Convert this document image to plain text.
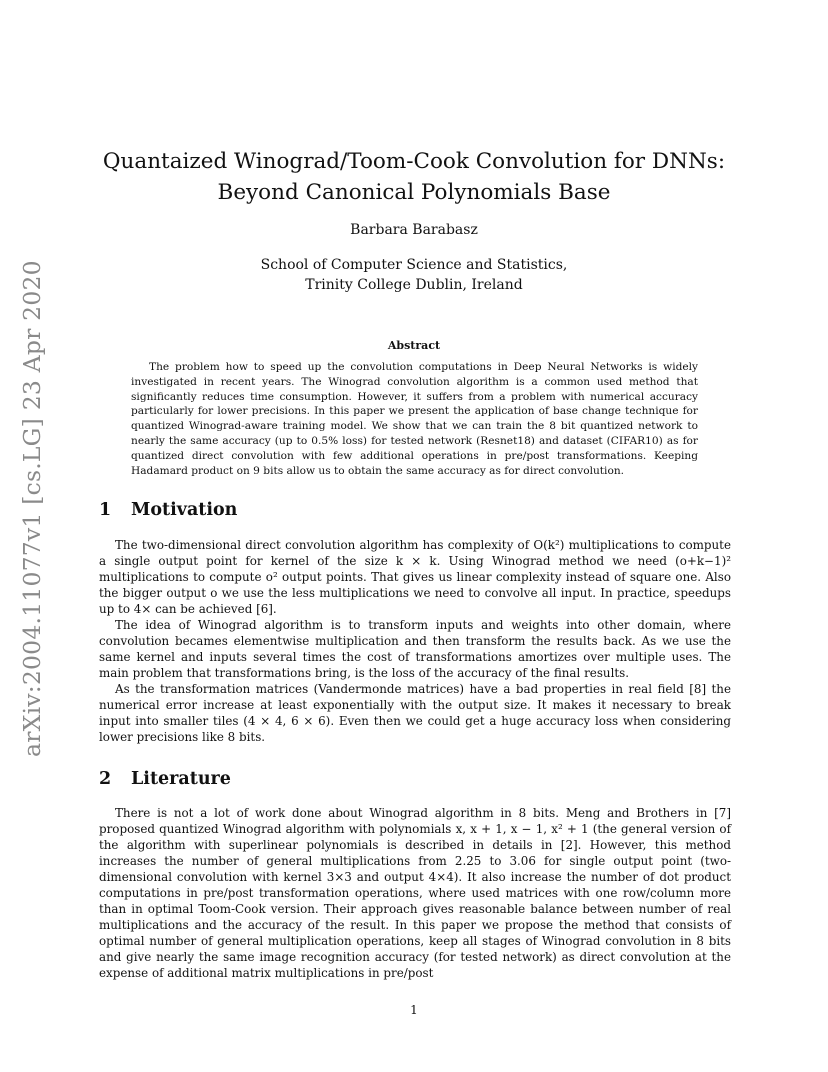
arXiv:2004.11077v1 [cs.LG] 23 Apr 2020
Quantaized Winograd/Toom-Cook Convolution for DNNs:
Beyond Canonical Polynomials Base
Barbara Barabasz
School of Computer Science and Statistics,
Trinity College Dublin, Ireland
Abstract
The problem how to speed up the convolution computations in Deep Neural Networks is widely investigated in recent years. The Winograd convolution algorithm is a common used method that significantly reduces time consumption. However, it suffers from a problem with numerical accuracy particularly for lower precisions. In this paper we present the application of base change technique for quantized Winograd-aware training model. We show that we can train the 8 bit quantized network to nearly the same accuracy (up to 0.5% loss) for tested network (Resnet18) and dataset (CIFAR10) as for quantized direct convolution with few additional operations in pre/post transformations. Keeping Hadamard product on 9 bits allow us to obtain the same accuracy as for direct convolution.
1 Motivation

The two-dimensional direct convolution algorithm has complexity of O(k²) multiplications to compute a single output point for kernel of the size k × k. Using Winograd method we need (o+k−1)² multiplications to compute o² output points. That gives us linear complexity instead of square one. Also the bigger output o we use the less multiplications we need to convolve all input. In practice, speedups up to 4× can be achieved [6].

The idea of Winograd algorithm is to transform inputs and weights into other domain, where convolution becames elementwise multiplication and then transform the results back. As we use the same kernel and inputs several times the cost of transformations amortizes over multiple uses. The main problem that transformations bring, is the loss of the accuracy of the final results.

As the transformation matrices (Vandermonde matrices) have a bad properties in real field [8] the numerical error increase at least exponentially with the output size. It makes it necessary to break input into smaller tiles (4 × 4, 6 × 6). Even then we could get a huge accuracy loss when considering lower precisions like 8 bits.

2 Literature

There is not a lot of work done about Winograd algorithm in 8 bits. Meng and Brothers in [7] proposed quantized Winograd algorithm with polynomials x, x + 1, x − 1, x² + 1 (the general version of the algorithm with superlinear polynomials is described in details in [2]. However, this method increases the number of general multiplications from 2.25 to 3.06 for single output point (two-dimensional convolution with kernel 3×3 and output 4×4). It also increase the number of dot product computations in pre/post transformation operations, where used matrices with one row/column more than in optimal Toom-Cook version. Their approach gives reasonable balance between number of real multiplications and the accuracy of the result. In this paper we propose the method that consists of optimal number of general multiplication operations, keep all stages of Winograd convolution in 8 bits and give nearly the same image recognition accuracy (for tested network) as direct convolution at the expense of additional matrix multiplications in pre/post

1
